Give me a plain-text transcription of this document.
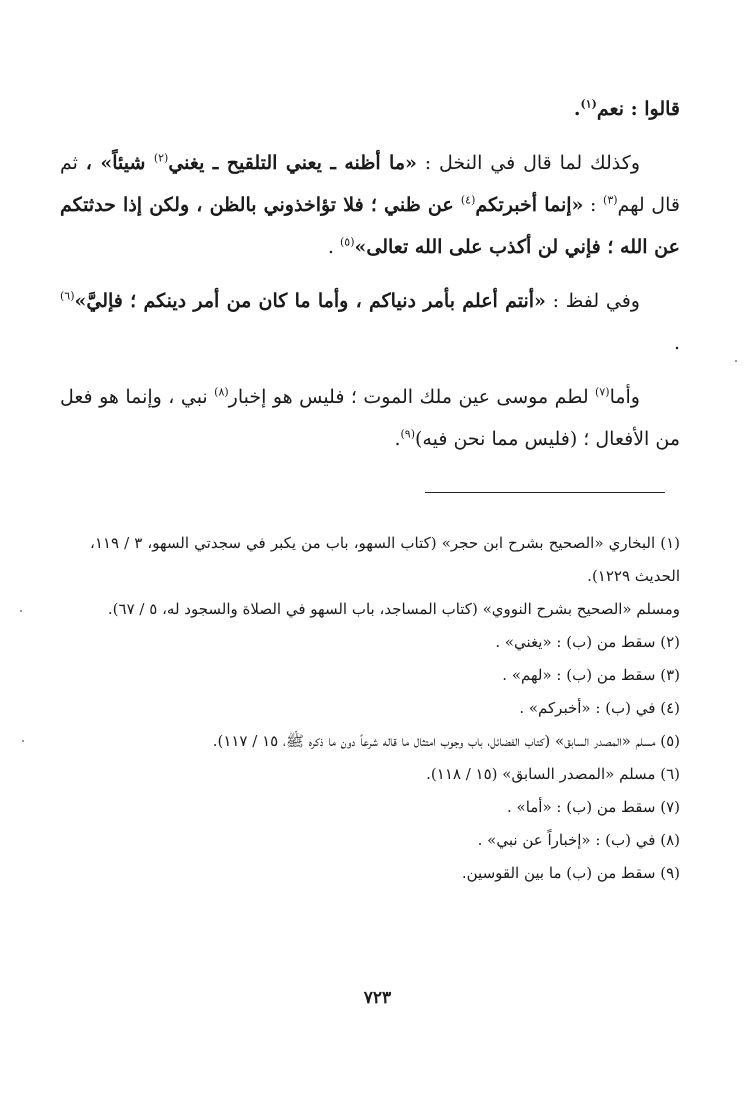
قالوا : نعم$^{(١)}$.

وكذلك لما قال في النخل : «ما أظنه ـ يعني التلقيح ـ يغني$^{(٢)}$ شيئاً» ، ثم قال لهم$^{(٣)}$ : «إنما أخبرتكم$^{(٤)}$ عن ظني ؛ فلا تؤاخذوني بالظن ، ولكن إذا حدثتكم عن الله ؛ فإني لن أكذب على الله تعالى»$^{(٥)}$ .

وفي لفظ : «أنتم أعلم بأمر دنياكم ، وأما ما كان من أمر دينكم ؛ فإليَّ»$^{(٦)}$ .

وأما$^{(٧)}$ لطم موسى عين ملك الموت ؛ فليس هو إخبار$^{(٨)}$ نبي ، وإنما هو فعل من الأفعال ؛ (فليس مما نحن فيه)$^{(٩)}$.

(١) البخاري «الصحيح بشرح ابن حجر» (كتاب السهو، باب من يكبر في سجدتي السهو، ٣ / ١١٩، الحديث ١٢٢٩).

ومسلم «الصحيح بشرح النووي» (كتاب المساجد، باب السهو في الصلاة والسجود له، ٥ / ٦٧).

(٢) سقط من (ب) : «يغني» .

(٣) سقط من (ب) : «لهم» .

(٤) في (ب) : «أخبركم» .

(٥) مسلم «المصدر السابق» (كتاب الفضائل، باب وجوب امتثال ما قاله شرعاً دون ما ذكره ﷺ، ١٥ / ١١٧).

(٦) مسلم «المصدر السابق» (١٥ / ١١٨).

(٧) سقط من (ب) : «أما» .

(٨) في (ب) : «إخباراً عن نبي» .

(٩) سقط من (ب) ما بين القوسين.

٧٢٣
